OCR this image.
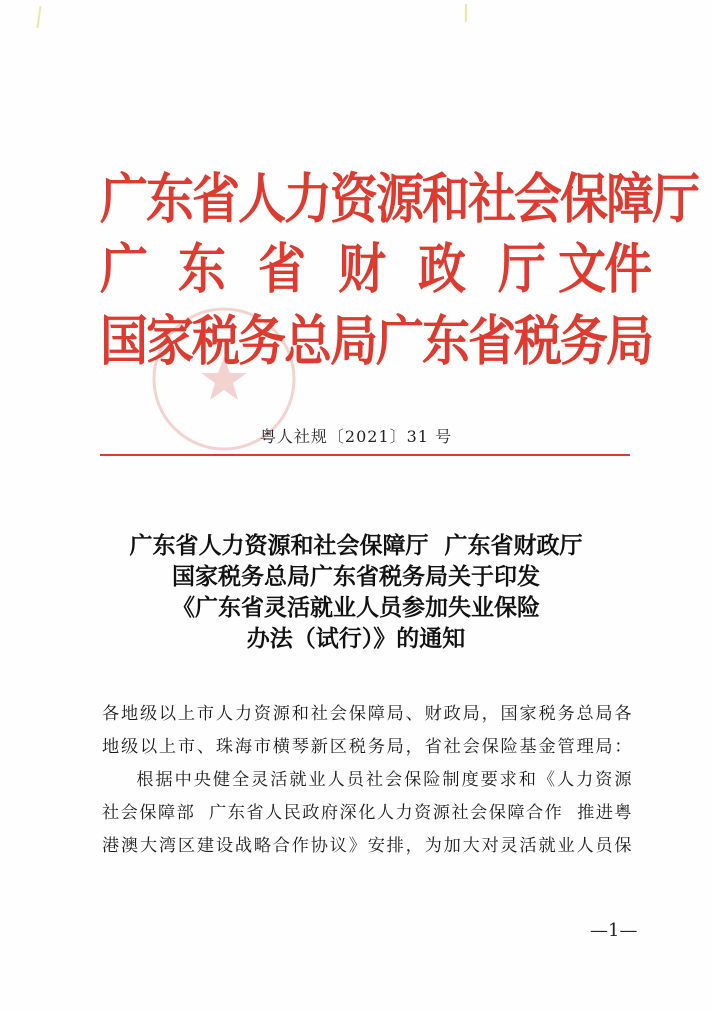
广东省人力资源和社会保障厅
广 东 省 财 政 厅 文件
国家税务总局广东省税务局
粤人社规〔2021〕31 号
广东省人力资源和社会保障厅  广东省财政厅
国家税务总局广东省税务局关于印发
《广东省灵活就业人员参加失业保险
办法（试行）》的通知

各地级以上市人力资源和社会保障局、财政局，国家税务总局各
地级以上市、珠海市横琴新区税务局，省社会保险基金管理局：

根据中央健全灵活就业人员社会保险制度要求和《人力资源
社会保障部  广东省人民政府深化人力资源社会保障合作  推进粤
港澳大湾区建设战略合作协议》安排，为加大对灵活就业人员保

—1—
